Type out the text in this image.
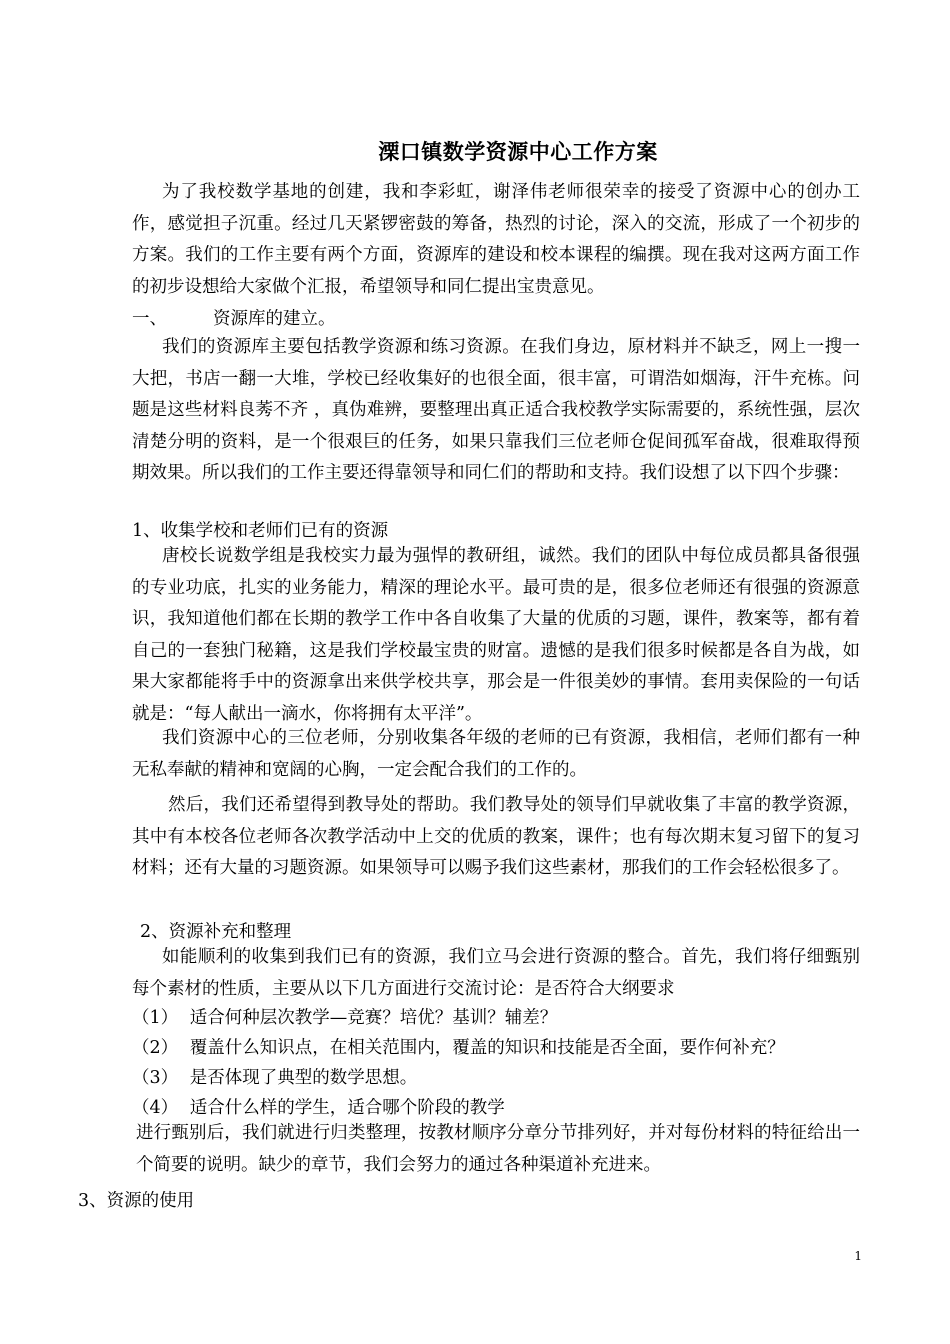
溧口镇数学资源中心工作方案
为了我校数学基地的创建，我和李彩虹，谢泽伟老师很荣幸的接受了资源中心的创办工作，感觉担子沉重。经过几天紧锣密鼓的筹备，热烈的讨论，深入的交流，形成了一个初步的方案。我们的工作主要有两个方面，资源库的建设和校本课程的编撰。现在我对这两方面工作的初步设想给大家做个汇报，希望领导和同仁提出宝贵意见。
一、	资源库的建立。
我们的资源库主要包括教学资源和练习资源。在我们身边，原材料并不缺乏，网上一搜一大把，书店一翻一大堆，学校已经收集好的也很全面，很丰富，可谓浩如烟海，汗牛充栋。问题是这些材料良莠不齐 ，真伪难辨，要整理出真正适合我校教学实际需要的，系统性强，层次清楚分明的资料，是一个很艰巨的任务，如果只靠我们三位老师仓促间孤军奋战，很难取得预期效果。所以我们的工作主要还得靠领导和同仁们的帮助和支持。我们设想了以下四个步骤：
1、收集学校和老师们已有的资源
唐校长说数学组是我校实力最为强悍的教研组，诚然。我们的团队中每位成员都具备很强的专业功底，扎实的业务能力，精深的理论水平。最可贵的是，很多位老师还有很强的资源意识，我知道他们都在长期的教学工作中各自收集了大量的优质的习题，课件，教案等，都有着自己的一套独门秘籍，这是我们学校最宝贵的财富。遗憾的是我们很多时候都是各自为战，如果大家都能将手中的资源拿出来供学校共享，那会是一件很美妙的事情。套用卖保险的一句话就是：“每人献出一滴水，你将拥有太平洋”。
我们资源中心的三位老师，分别收集各年级的老师的已有资源，我相信，老师们都有一种无私奉献的精神和宽阔的心胸，一定会配合我们的工作的。
然后，我们还希望得到教导处的帮助。我们教导处的领导们早就收集了丰富的教学资源，其中有本校各位老师各次教学活动中上交的优质的教案，课件；也有每次期末复习留下的复习材料；还有大量的习题资源。如果领导可以赐予我们这些素材，那我们的工作会轻松很多了。
2、资源补充和整理
如能顺利的收集到我们已有的资源，我们立马会进行资源的整合。首先，我们将仔细甄别每个素材的性质，主要从以下几方面进行交流讨论：是否符合大纲要求
（1） 适合何种层次教学—竞赛？培优？基训？辅差？
（2） 覆盖什么知识点，在相关范围内，覆盖的知识和技能是否全面，要作何补充？
（3） 是否体现了典型的数学思想。
（4） 适合什么样的学生，适合哪个阶段的教学
进行甄别后，我们就进行归类整理，按教材顺序分章分节排列好，并对每份材料的特征给出一个简要的说明。缺少的章节，我们会努力的通过各种渠道补充进来。
3、资源的使用
1
